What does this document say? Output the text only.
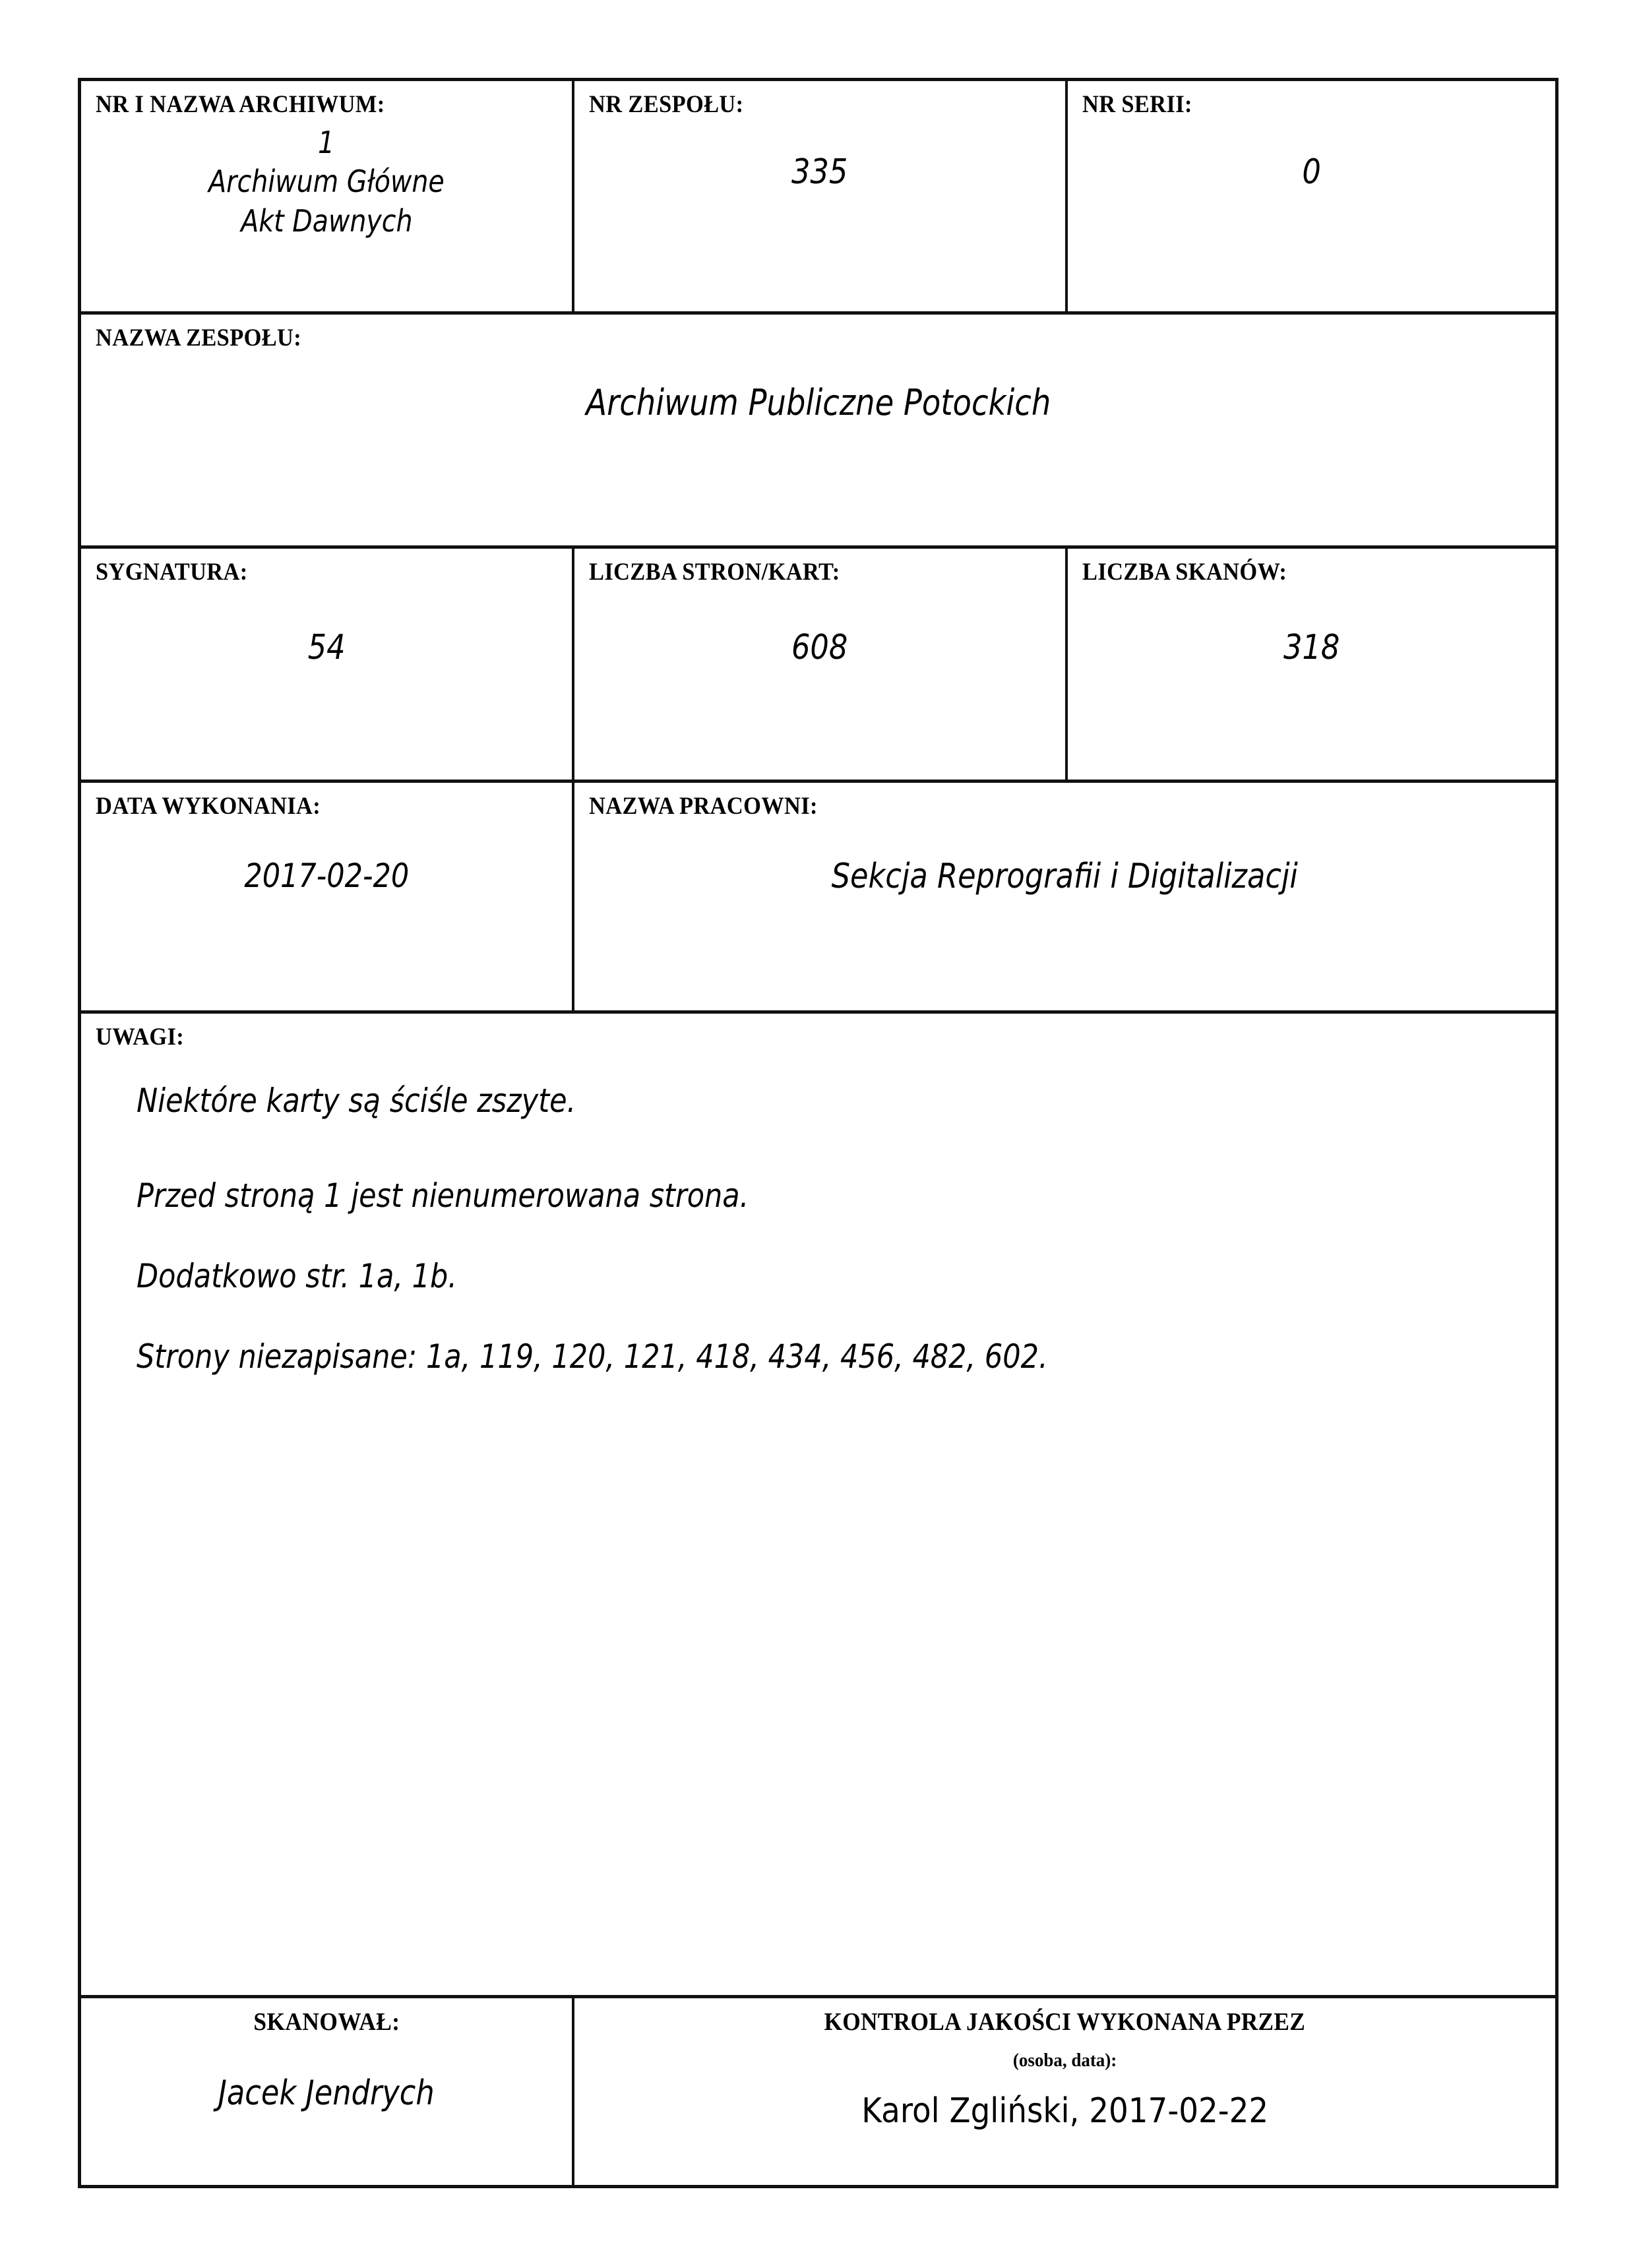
NR I NAZWA ARCHIWUM:
1
Archiwum Główne
Akt Dawnych
NR ZESPOŁU:
335
NR SERII:
0
NAZWA ZESPOŁU:
Archiwum Publiczne Potockich
SYGNATURA:
54
LICZBA STRON/KART:
608
LICZBA SKANÓW:
318
DATA WYKONANIA:
2017-02-20
NAZWA PRACOWNI:
Sekcja Reprografii i Digitalizacji
UWAGI:
Niektóre karty są ściśle zszyte.
Przed stroną 1 jest nienumerowana strona.
Dodatkowo str. 1a, 1b.
Strony niezapisane: 1a, 119, 120, 121, 418, 434, 456, 482, 602.
SKANOWAŁ:
Jacek Jendrych
KONTROLA JAKOŚCI WYKONANA PRZEZ
(osoba, data):
Karol Zgliński, 2017-02-22
